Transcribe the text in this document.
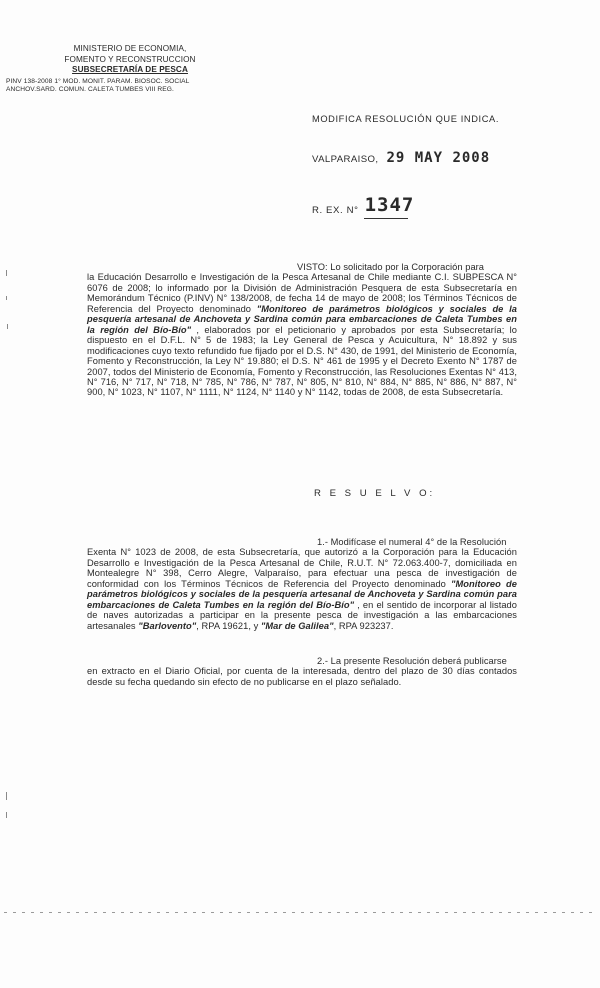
MINISTERIO DE ECONOMIA,
FOMENTO Y RECONSTRUCCION
SUBSECRETARÍA DE PESCA
PINV 138-2008 1° MOD. MONIT. PARAM. BIOSOC. SOCIAL
ANCHOV.SARD. COMUN. CALETA TUMBES VIII REG.
MODIFICA RESOLUCIÓN QUE INDICA.
VALPARAISO, 29 MAY 2008
R. EX. N° 1347

VISTO: Lo solicitado por la Corporación para
la Educación Desarrollo e Investigación de la Pesca Artesanal de Chile mediante C.I. SUBPESCA N° 6076 de 2008; lo informado por la División de Administración Pesquera de esta Subsecretaría en Memorándum Técnico (P.INV) N° 138/2008, de fecha 14 de mayo de 2008; los Términos Técnicos de Referencia del Proyecto denominado "Monitoreo de parámetros biológicos y sociales de la pesquería artesanal de Anchoveta y Sardina común para embarcaciones de Caleta Tumbes en la región del Bío-Bío" , elaborados por el peticionario y aprobados por esta Subsecretaría; lo dispuesto en el D.F.L. N° 5 de 1983; la Ley General de Pesca y Acuicultura, N° 18.892 y sus modificaciones cuyo texto refundido fue fijado por el D.S. N° 430, de 1991, del Ministerio de Economía, Fomento y Reconstrucción, la Ley N° 19.880; el D.S. N° 461 de 1995 y el Decreto Exento N° 1787 de 2007, todos del Ministerio de Economía, Fomento y Reconstrucción, las Resoluciones Exentas N° 413, N° 716, N° 717, N° 718, N° 785, N° 786, N° 787, N° 805, N° 810, N° 884, N° 885, N° 886, N° 887, N° 900, N° 1023, N° 1107, N° 1111, N° 1124, N° 1140 y N° 1142, todas de 2008, de esta Subsecretaría.

R E S U E L V O:

1.- Modifícase el numeral 4° de la Resolución
Exenta N° 1023 de 2008, de esta Subsecretaría, que autorizó a la Corporación para la Educación Desarrollo e Investigación de la Pesca Artesanal de Chile, R.U.T. N° 72.063.400-7, domiciliada en Montealegre N° 398, Cerro Alegre, Valparaíso, para efectuar una pesca de investigación de conformidad con los Términos Técnicos de Referencia del Proyecto denominado "Monitoreo de parámetros biológicos y sociales de la pesquería artesanal de Anchoveta y Sardina común para embarcaciones de Caleta Tumbes en la región del Bío-Bío" , en el sentido de incorporar al listado de naves autorizadas a participar en la presente pesca de investigación a las embarcaciones artesanales "Barlovento", RPA 19621, y "Mar de Galilea", RPA 923237.

2.- La presente Resolución deberá publicarse
en extracto en el Diario Oficial, por cuenta de la interesada, dentro del plazo de 30 días contados desde su fecha quedando sin efecto de no publicarse en el plazo señalado.
